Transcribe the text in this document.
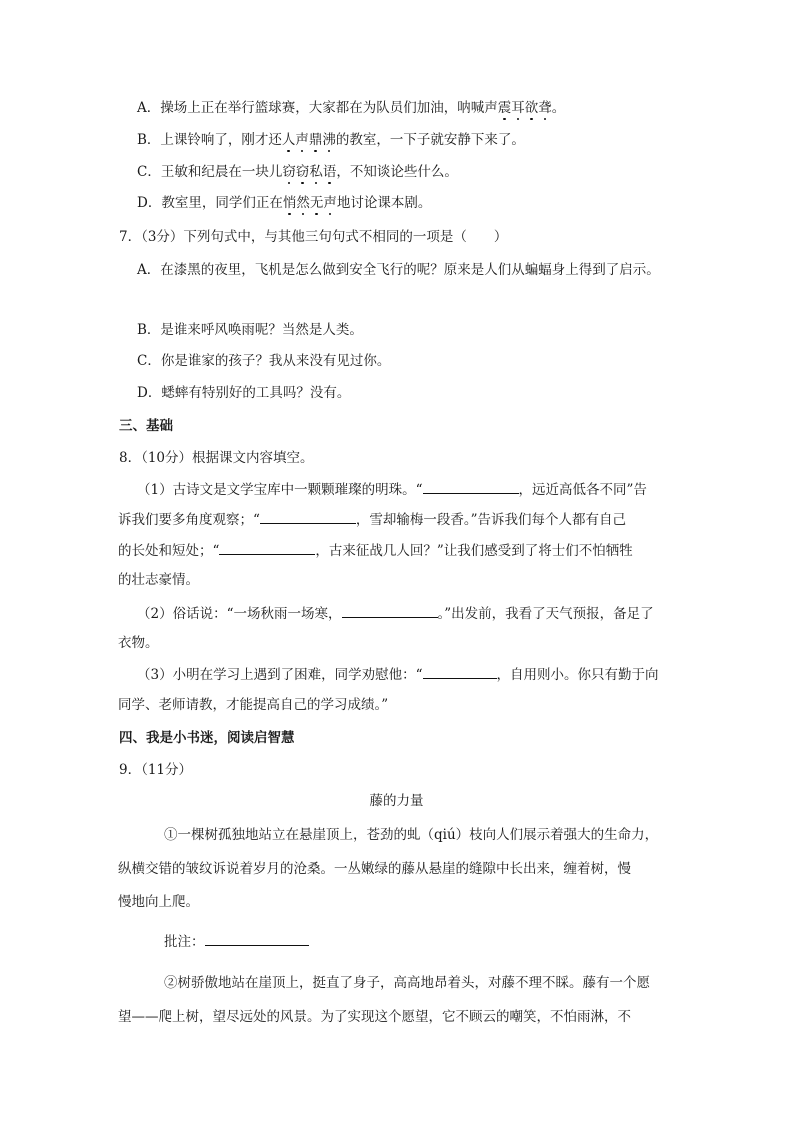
A．操场上正在举行篮球赛，大家都在为队员们加油，呐喊声震耳欲聋。
B．上课铃响了，刚才还人声鼎沸的教室，一下子就安静下来了。
C．王敏和纪晨在一块儿窃窃私语，不知谈论些什么。
D．教室里，同学们正在悄然无声地讨论课本剧。
7．（3分）下列句式中，与其他三句句式不相同的一项是（　　）
A．在漆黑的夜里，飞机是怎么做到安全飞行的呢？原来是人们从蝙蝠身上得到了启示。
B．是谁来呼风唤雨呢？当然是人类。
C．你是谁家的孩子？我从来没有见过你。
D．蟋蟀有特别好的工具吗？没有。
三、基础
8．（10分）根据课文内容填空。
（1）古诗文是文学宝库中一颗颗璀璨的明珠。“	，远近高低各不同”告
诉我们要多角度观察；“	，雪却输梅一段香。”告诉我们每个人都有自己
的长处和短处；“	，古来征战几人回？”让我们感受到了将士们不怕牺牲
的壮志豪情。
（2）俗话说：“一场秋雨一场寒，	。”出发前，我看了天气预报，备足了
衣物。
（3）小明在学习上遇到了困难，同学劝慰他：“	，自用则小。你只有勤于向
同学、老师请教，才能提高自己的学习成绩。”
四、我是小书迷，阅读启智慧
9．（11分）
藤的力量
①一棵树孤独地站立在悬崖顶上，苍劲的虬（qiú）枝向人们展示着强大的生命力，
纵横交错的皱纹诉说着岁月的沧桑。一丛嫩绿的藤从悬崖的缝隙中长出来，缠着树，慢
慢地向上爬。
批注：
②树骄傲地站在崖顶上，挺直了身子，高高地昂着头，对藤不理不睬。藤有一个愿
望——爬上树，望尽远处的风景。为了实现这个愿望，它不顾云的嘲笑，不怕雨淋，不
